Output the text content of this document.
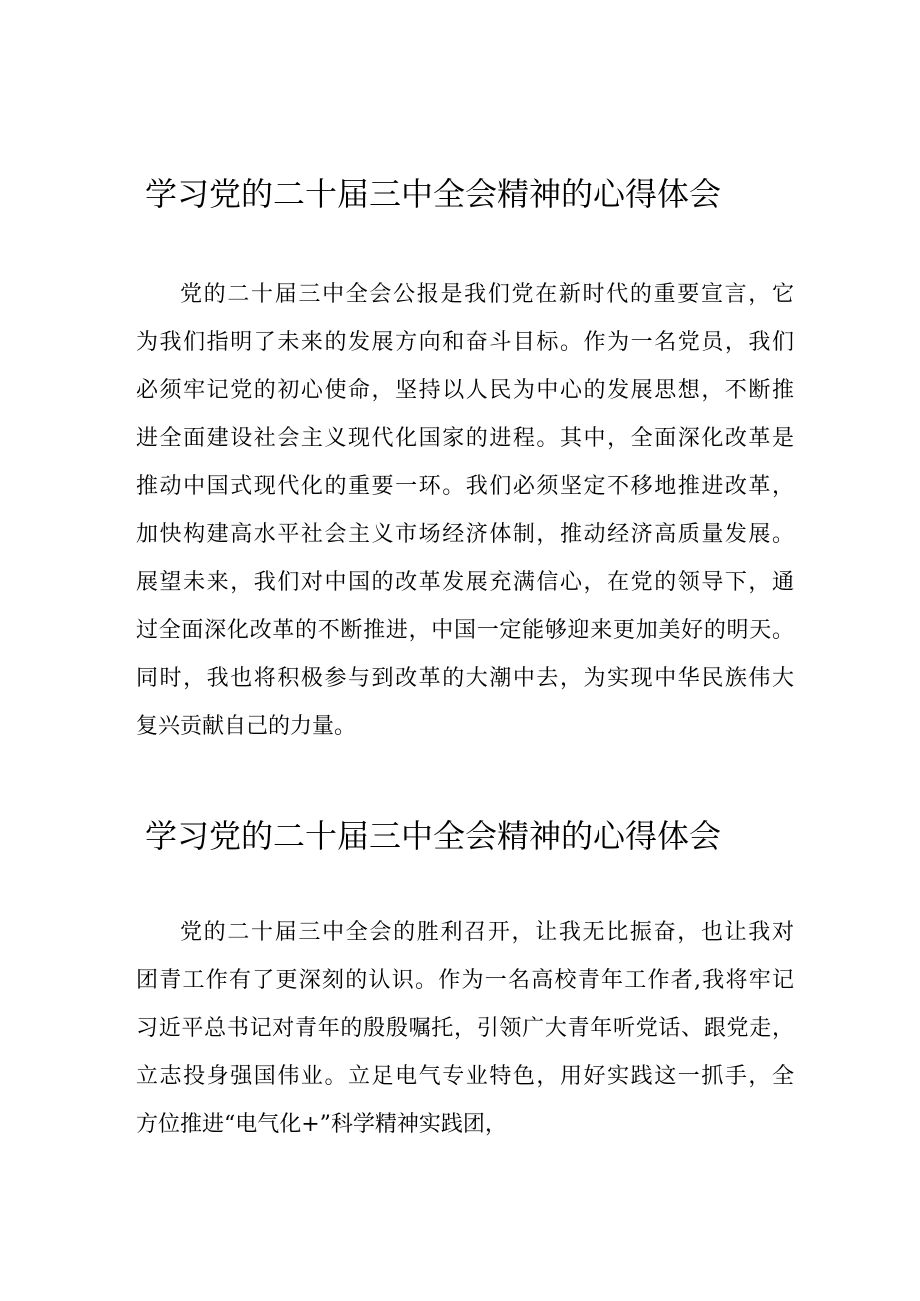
学习党的二十届三中全会精神的心得体会
党的二十届三中全会公报是我们党在新时代的重要宣言，它
为我们指明了未来的发展方向和奋斗目标。作为一名党员，我们
必须牢记党的初心使命，坚持以人民为中心的发展思想，不断推
进全面建设社会主义现代化国家的进程。其中，全面深化改革是
推动中国式现代化的重要一环。我们必须坚定不移地推进改革，
加快构建高水平社会主义市场经济体制，推动经济高质量发展。
展望未来，我们对中国的改革发展充满信心，在党的领导下，通
过全面深化改革的不断推进，中国一定能够迎来更加美好的明天。
同时，我也将积极参与到改革的大潮中去，为实现中华民族伟大
复兴贡献自己的力量。
学习党的二十届三中全会精神的心得体会
党的二十届三中全会的胜利召开，让我无比振奋，也让我对
团青工作有了更深刻的认识。作为一名高校青年工作者,我将牢记
习近平总书记对青年的殷殷嘱托，引领广大青年听党话、跟党走，
立志投身强国伟业。立足电气专业特色，用好实践这一抓手，全
方位推进“电气化+”科学精神实践团，
